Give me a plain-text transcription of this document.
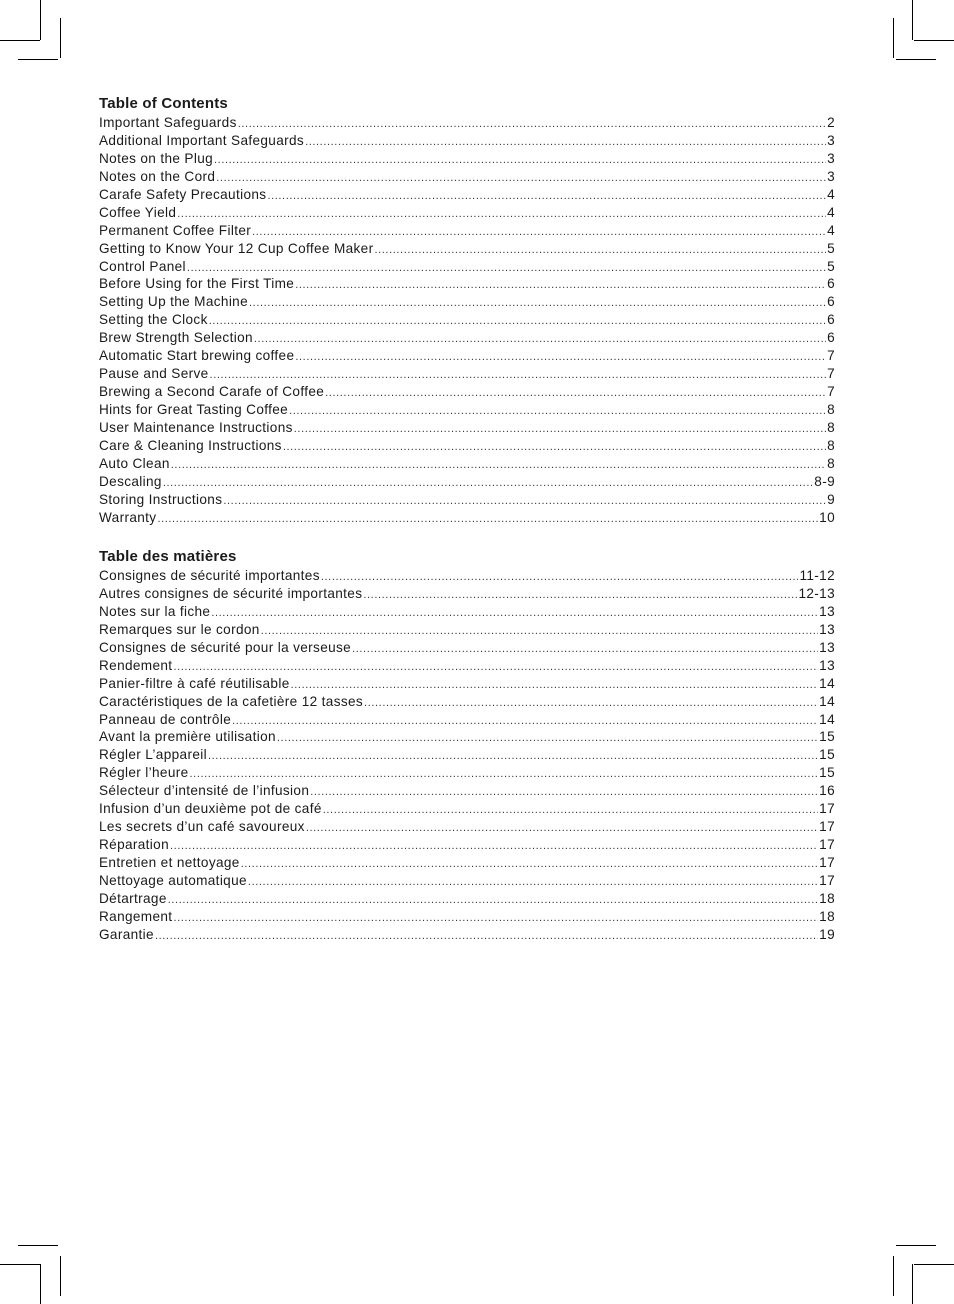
Table of Contents
Important Safeguards .....	2
Additional Important Safeguards .....	3
Notes on the Plug .....	3
Notes on the Cord .....	3
Carafe Safety Precautions .....	4
Coffee Yield .....	4
Permanent Coffee Filter .....	4
Getting to Know Your 12 Cup Coffee Maker .....	5
Control Panel .....	5
Before Using for the First Time .....	6
Setting Up the Machine .....	6
Setting the Clock .....	6
Brew Strength Selection .....	6
Automatic Start brewing coffee .....	7
Pause and Serve .....	7
Brewing a Second Carafe of Coffee .....	7
Hints for Great Tasting Coffee .....	8
User Maintenance Instructions .....	8
Care & Cleaning Instructions .....	8
Auto Clean .....	8
Descaling .....	8-9
Storing Instructions .....	9
Warranty .....	10
Table des matières
Consignes de sécurité importantes .....	11-12
Autres consignes de sécurité importantes .....	12-13
Notes sur la fiche .....	13
Remarques sur le cordon .....	13
Consignes de sécurité pour la verseuse .....	13
Rendement .....	13
Panier-filtre à café réutilisable .....	14
Caractéristiques de la cafetière 12 tasses .....	14
Panneau de contrôle .....	14
Avant la première utilisation .....	15
Régler L’appareil .....	15
Régler l’heure .....	15
Sélecteur d’intensité de l’infusion .....	16
Infusion d’un deuxième pot de café .....	17
Les secrets d’un café savoureux .....	17
Réparation .....	17
Entretien et nettoyage .....	17
Nettoyage automatique .....	17
Détartrage .....	18
Rangement .....	18
Garantie .....	19
